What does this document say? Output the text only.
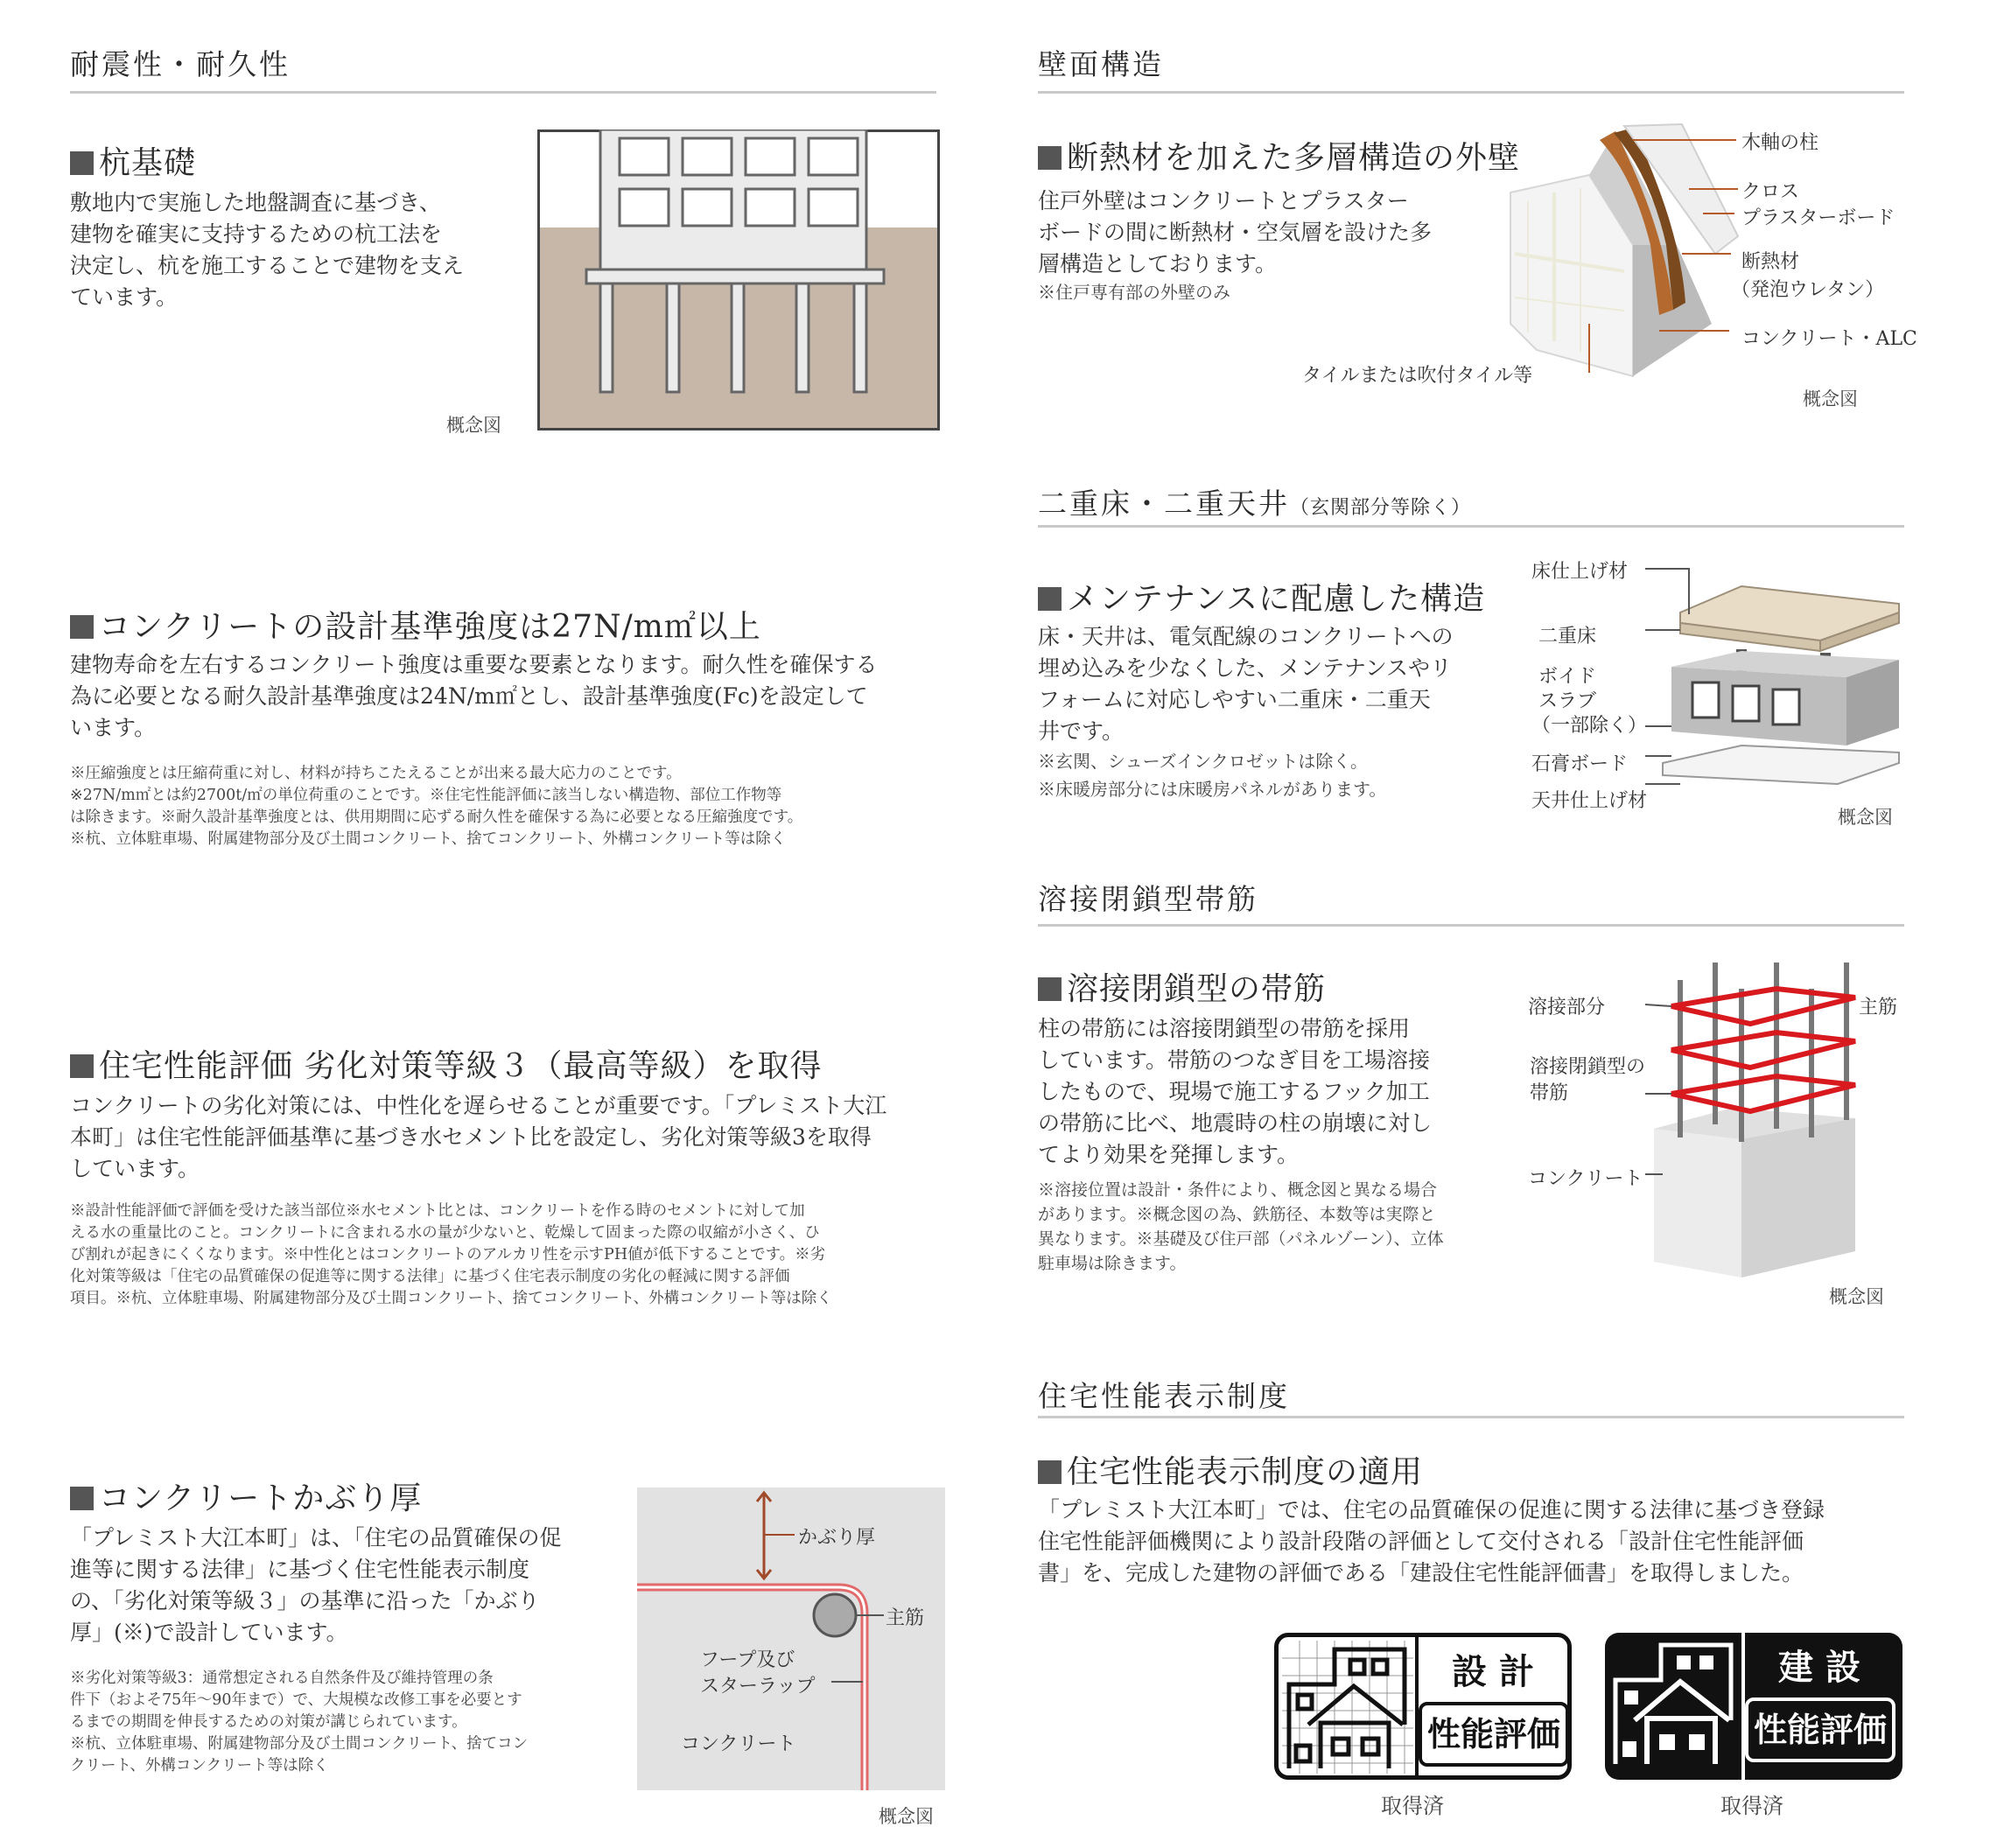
耐震性・耐久性
杭基礎
敷地内で実施した地盤調査に基づき、
建物を確実に支持するための杭工法を
決定し、杭を施工することで建物を支え
ています。
概念図
コンクリートの設計基準強度は27N/m㎡以上
建物寿命を左右するコンクリート強度は重要な要素となります。耐久性を確保する
為に必要となる耐久設計基準強度は24N/m㎡とし、設計基準強度(Fc)を設定して
います。
※圧縮強度とは圧縮荷重に対し、材料が持ちこたえることが出来る最大応力のことです。
※27N/m㎡とは約2700t/㎡の単位荷重のことです。※住宅性能評価に該当しない構造物、部位工作物等
は除きます。※耐久設計基準強度とは、供用期間に応ずる耐久性を確保する為に必要となる圧縮強度です。
※杭、立体駐車場、附属建物部分及び土間コンクリート、捨てコンクリート、外構コンクリート等は除く
住宅性能評価 劣化対策等級３（最高等級）を取得
コンクリートの劣化対策には、中性化を遅らせることが重要です。「プレミスト大江
本町」は住宅性能評価基準に基づき水セメント比を設定し、劣化対策等級3を取得
しています。
※設計性能評価で評価を受けた該当部位※水セメント比とは、コンクリートを作る時のセメントに対して加
える水の重量比のこと。コンクリートに含まれる水の量が少ないと、乾燥して固まった際の収縮が小さく、ひ
び割れが起きにくくなります。※中性化とはコンクリートのアルカリ性を示すPH値が低下することです。※劣
化対策等級は「住宅の品質確保の促進等に関する法律」に基づく住宅表示制度の劣化の軽減に関する評価
項目。※杭、立体駐車場、附属建物部分及び土間コンクリート、捨てコンクリート、外構コンクリート等は除く
コンクリートかぶり厚
「プレミスト大江本町」は、「住宅の品質確保の促
進等に関する法律」に基づく住宅性能表示制度
の、「劣化対策等級３」の基準に沿った「かぶり
厚」(※)で設計しています。
※劣化対策等級3：通常想定される自然条件及び維持管理の条
件下（およそ75年〜90年まで）で、大規模な改修工事を必要とす
るまでの期間を伸長するための対策が講じられています。
※杭、立体駐車場、附属建物部分及び土間コンクリート、捨てコン
クリート、外構コンクリート等は除く
かぶり厚
主筋
フープ及び
スターラップ
コンクリート
概念図
壁面構造
断熱材を加えた多層構造の外壁
住戸外壁はコンクリートとプラスター
ボードの間に断熱材・空気層を設けた多
層構造としております。
※住戸専有部の外壁のみ
木軸の柱
クロス
プラスターボード
断熱材
（発泡ウレタン）
コンクリート・ALC
タイルまたは吹付タイル等
概念図
二重床・二重天井（玄関部分等除く）
メンテナンスに配慮した構造
床・天井は、電気配線のコンクリートへの
埋め込みを少なくした、メンテナンスやリ
フォームに対応しやすい二重床・二重天
井です。
※玄関、シューズインクロゼットは除く。
※床暖房部分には床暖房パネルがあります。
床仕上げ材
二重床
ボイド
スラブ
（一部除く）
石膏ボード
天井仕上げ材
概念図
溶接閉鎖型帯筋
溶接閉鎖型の帯筋
柱の帯筋には溶接閉鎖型の帯筋を採用
しています。帯筋のつなぎ目を工場溶接
したもので、現場で施工するフック加工
の帯筋に比べ、地震時の柱の崩壊に対し
てより効果を発揮します。
※溶接位置は設計・条件により、概念図と異なる場合
があります。※概念図の為、鉄筋径、本数等は実際と
異なります。※基礎及び住戸部（パネルゾーン）、立体
駐車場は除きます。
溶接部分	主筋
溶接閉鎖型の
帯筋
コンクリート
概念図
住宅性能表示制度
住宅性能表示制度の適用
「プレミスト大江本町」では、住宅の品質確保の促進に関する法律に基づき登録
住宅性能評価機関により設計段階の評価として交付される「設計住宅性能評価
書」を、完成した建物の評価である「建設住宅性能評価書」を取得しました。
設 計
性能評価
取得済
建 設
性能評価
取得済
